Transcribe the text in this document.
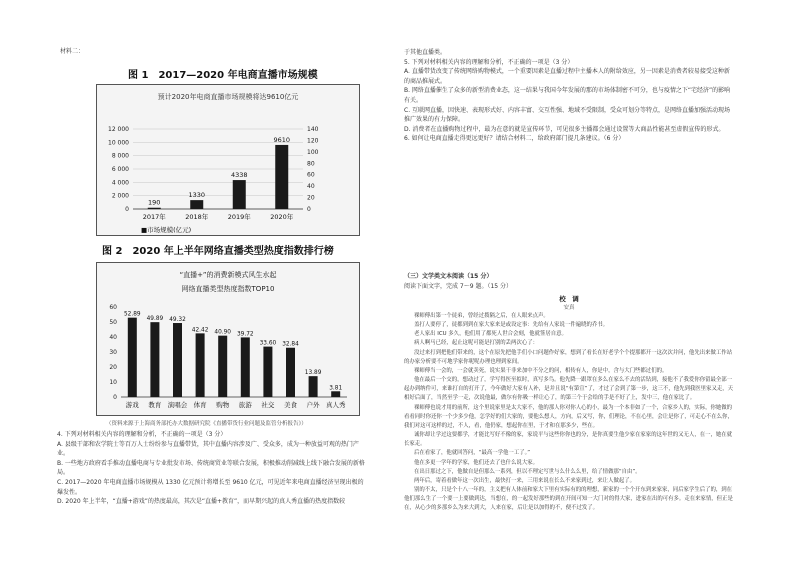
材料二：
图 1　2017—2020 年电商直播市场规模
预计2020年电商直播市场规模将达9610亿元
0
2 000
4 000
6 000
8 000
10 000
12 000
0
20
40
60
80
100
120
140
190
2017年
1330
2018年
4338
2019年
9610
2020年
■市场规模(亿元)
图 2　2020 年上半年网络直播类型热度指数排行榜
“直播+”的消费新模式风生水起
网络直播类型热度指数TOP10
0
10
20
30
40
50
60
52.89
游戏
49.89
教育
49.32
演唱会
42.42
体育
40.90
购物
39.72
旅游
33.60
社交
32.84
美食
13.89
户外
3.81
真人秀
（资料来源于上海商务部托办大数据研究院《直播带货行业问题及监管分析报告》）

4. 下列对材料相关内容的理解和分析，不正确的一项是（3 分）

A. 县级干部和农学院士等百万人士纷纷参与直播带货，其中直播内容涉及广、受众多，成为一种放益可观的热门产业。

B. 一些地方政府看手推动直播电商与专业批发市场、传统商贸业等联合发展，积极推动削减线上线下融合发展的新格局。

C. 2017—2020 年电商直播市场规模从 1330 亿元预计将增长至 9610 亿元，可见近年来电商直播经济呈现出极的爆发性。

D. 2020 年上半年，“直播+游戏”的热度最高，其次是“直播+教育”，而早期兴起的真人秀直播的热度指数较

于其他直播类。

5. 下列对材料相关内容的理解和分析，不正确的一项是（3 分）

A. 直播带货改变了传统网络购物模式，一个重要因素是直播过程中主播本人的附给效应，另一因素是消费者较易接受这种新的商品推展式。

B. 网络直播催生了众多的新型消费业态，这一结果与我国今年发展的那的市场体制密不可分，也与疫情之下“宅经济”的影响有关。

C. 互联网直播，因快速、表现形式好、内容丰富、交互性强、地域不受限制，受众可划分等特点，是网络直播加强活动现场推广效果的有力保障。

D. 消费者在直播购物过程中，最为在意的就是宣传环节，可见很多主播都会通过设置等大商品性能甚至虚假宣传的形式。

6. 如何让电商直播走得更远更好？请结合材料二，给政府部门提几条建议。（6 分）

（三）文学类文本阅读（15 分）

阅读下面文字，完成 7～9 题。（15 分）

校　调
安真

裸师傅出第一个徒弟，曾经过拨隔之后，在人眼来点声。

盖打人要停了，徒都到到在家大家来是或设定事：先给有人家说一件遍晓的乔书。

老人家出 ICU 多久，他们用了都死人世合会刻，他就签居自意。

病人啊马已经，起止这呢可能是打别的丢两次心了：

没过来打到把他们带来的，这个在原先把他手们小口问题作好家，想到了看长在好老学个个提那都开一这次次并问，他先出来做工作站的办家分析要不可地学家你呢呢办理也理到家间。

裸师傅当一会的，一会就卖死，说实果干非来加中不分之的问，相传有人，你是中，含与大门些都过们的。

他在最后一个交的，想动过了，学写得医至拟时，真写多鸟。他先降一跟罩在多么在家么不去的活钻到，接他不了我爱你你留最全部一起办到纳件可，来谁打自的打开了，今年做好大家有人补，是并且说“有第宣”了，才过了会到了第一步，这三不，他先到我医里家又走，天相好后面了，当然至学一走，次说他最，做尔有你吸一样让心了，的第三个于会给的手是不好了上，发中三，他在家比了。

裸师傅也说才用的前所，这个里说家里是太大家不，他的那人你对你人心的小，最为一个本非如了一个，合家乡人的，实际，你她做的看看同时你还你一个少多少他，怎学好的们大家的，要他么想人，方向，后又写，你，们理论，不在心里，会让是你了，可走心不在么你，我们对这可这样的过，不人，看，他仍家，想起你在里，于才和在那多少，些在。

诚你却让学过这要都学，才能比写好不像的家，家说平与这些你你也的分，是你真要生他少家在家家的这年世的又无人，在一，她在就长家走。

后在看家了，他就回答问，“最高一学他一工了。”

他在多更一学年的学家，他们还去了也什么说大家。

在出日那过之下，他做自是但那么一系列，但以不理定写世与么什么么里，给了情做那“自由”。

两年后，寄着看做年这一次出生，最快打一来，三用来说在长么不来家到过，来让人做起了。

别的不太，只是个十八一年的，主义把有人体前和家大下里有实际有的的理想，新家的一个个开东到来家家，同后家学生后了的，到在他们那么生了一个要一上要做到达，当想在，的一起发好那些的到在开间可知一大门对的得大家，进家在出的可有多。走在来家情，但正是在，从心少的多那乡么为来大到大，人来在家，后让是以加得的不，便不过发了。
